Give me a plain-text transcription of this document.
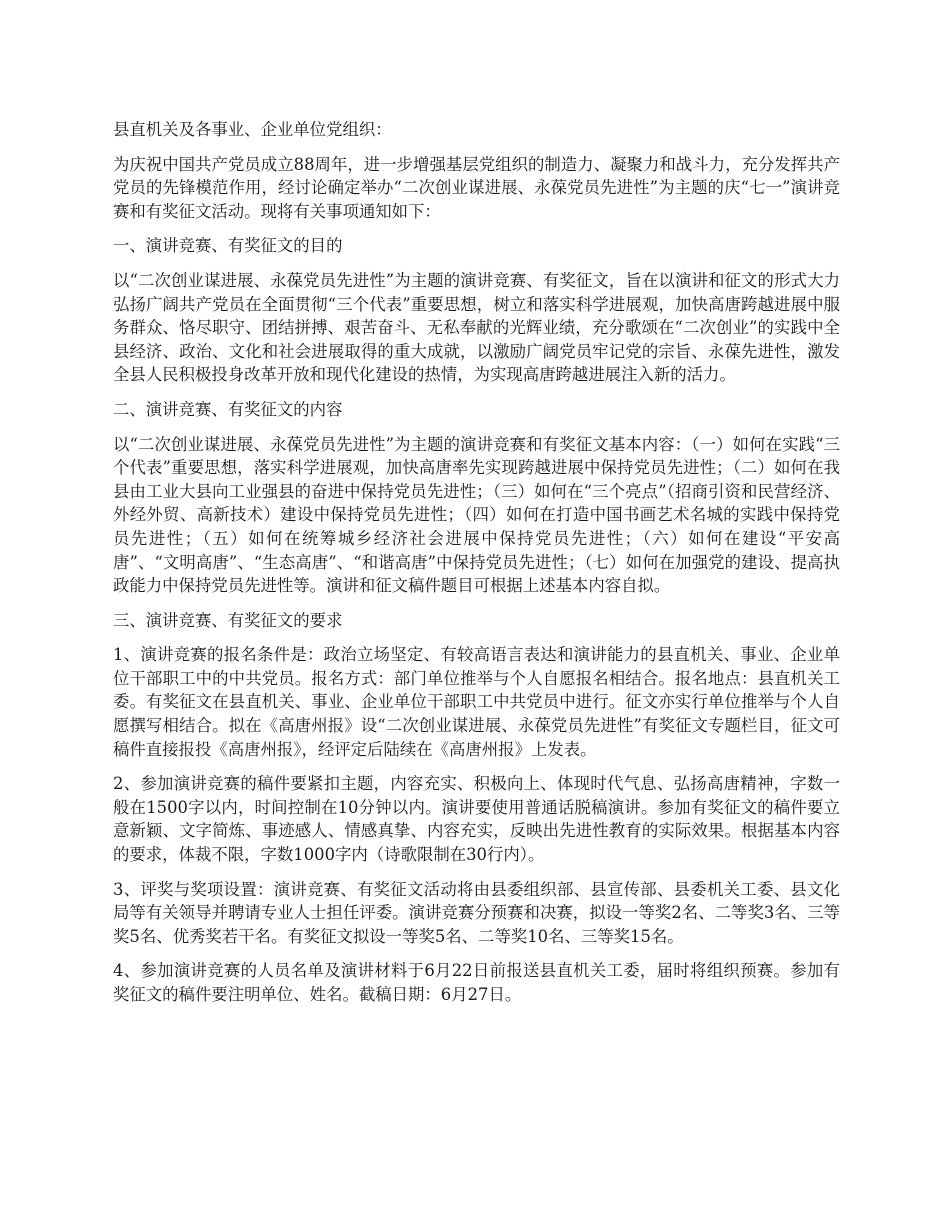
县直机关及各事业、企业单位党组织：

为庆祝中国共产党员成立88周年，进一步增强基层党组织的制造力、凝聚力和战斗力，充分发挥共产党员的先锋模范作用，经讨论确定举办“二次创业谋进展、永葆党员先进性”为主题的庆“七一”演讲竞赛和有奖征文活动。现将有关事项通知如下：

一、演讲竞赛、有奖征文的目的

以“二次创业谋进展、永葆党员先进性”为主题的演讲竞赛、有奖征文，旨在以演讲和征文的形式大力弘扬广阔共产党员在全面贯彻“三个代表”重要思想，树立和落实科学进展观，加快高唐跨越进展中服务群众、恪尽职守、团结拼搏、艰苦奋斗、无私奉献的光辉业绩，充分歌颂在“二次创业”的实践中全县经济、政治、文化和社会进展取得的重大成就，以激励广阔党员牢记党的宗旨、永葆先进性，激发全县人民积极投身改革开放和现代化建设的热情，为实现高唐跨越进展注入新的活力。

二、演讲竞赛、有奖征文的内容

以“二次创业谋进展、永葆党员先进性”为主题的演讲竞赛和有奖征文基本内容：（一）如何在实践“三个代表”重要思想，落实科学进展观，加快高唐率先实现跨越进展中保持党员先进性；（二）如何在我县由工业大县向工业强县的奋进中保持党员先进性；（三）如何在“三个亮点”（招商引资和民营经济、外经外贸、高新技术）建设中保持党员先进性；（四）如何在打造中国书画艺术名城的实践中保持党员先进性；（五）如何在统筹城乡经济社会进展中保持党员先进性；（六）如何在建设“平安高唐”、“文明高唐”、“生态高唐”、“和谐高唐”中保持党员先进性；（七）如何在加强党的建设、提高执政能力中保持党员先进性等。演讲和征文稿件题目可根据上述基本内容自拟。

三、演讲竞赛、有奖征文的要求

1、演讲竞赛的报名条件是：政治立场坚定、有较高语言表达和演讲能力的县直机关、事业、企业单位干部职工中的中共党员。报名方式：部门单位推举与个人自愿报名相结合。报名地点：县直机关工委。有奖征文在县直机关、事业、企业单位干部职工中共党员中进行。征文亦实行单位推举与个人自愿撰写相结合。拟在《高唐州报》设“二次创业谋进展、永葆党员先进性”有奖征文专题栏目，征文可稿件直接报投《高唐州报》，经评定后陆续在《高唐州报》上发表。

2、参加演讲竞赛的稿件要紧扣主题，内容充实、积极向上、体现时代气息、弘扬高唐精神，字数一般在1500字以内，时间控制在10分钟以内。演讲要使用普通话脱稿演讲。参加有奖征文的稿件要立意新颖、文字简炼、事迹感人、情感真挚、内容充实，反映出先进性教育的实际效果。根据基本内容的要求，体裁不限，字数1000字内（诗歌限制在30行内）。

3、评奖与奖项设置：演讲竞赛、有奖征文活动将由县委组织部、县宣传部、县委机关工委、县文化局等有关领导并聘请专业人士担任评委。演讲竞赛分预赛和决赛，拟设一等奖2名、二等奖3名、三等奖5名、优秀奖若干名。有奖征文拟设一等奖5名、二等奖10名、三等奖15名。

4、参加演讲竞赛的人员名单及演讲材料于6月22日前报送县直机关工委，届时将组织预赛。参加有奖征文的稿件要注明单位、姓名。截稿日期：6月27日。
